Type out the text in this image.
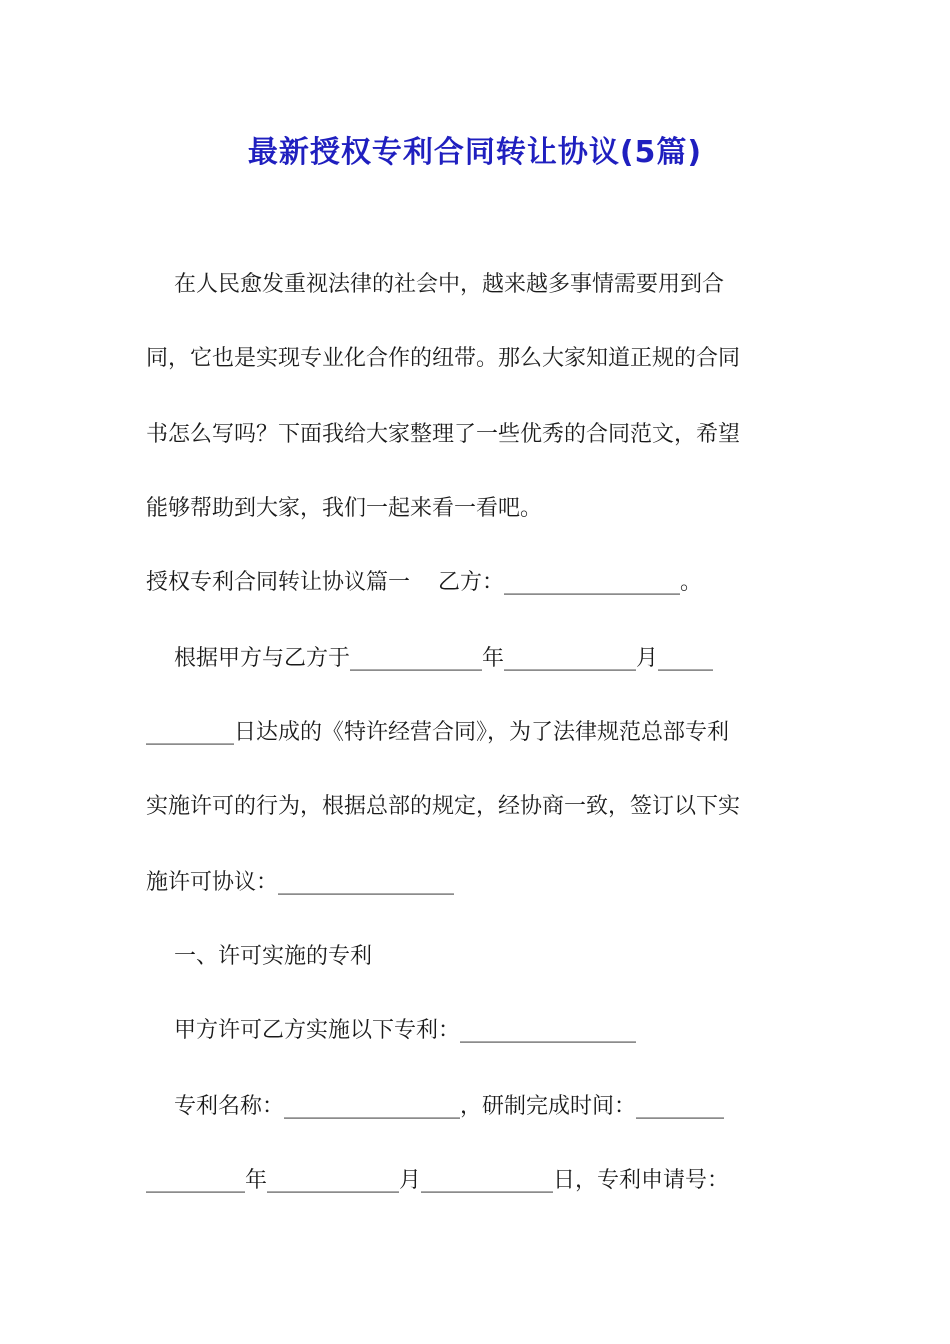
最新授权专利合同转让协议(5篇)
在人民愈发重视法律的社会中，越来越多事情需要用到合
同，它也是实现专业化合作的纽带。那么大家知道正规的合同
书怎么写吗？下面我给大家整理了一些优秀的合同范文，希望
能够帮助到大家，我们一起来看一看吧。
授权专利合同转让协议篇一    乙方：________________。
根据甲方与乙方于____________年____________月_____
________日达成的《特许经营合同》，为了法律规范总部专利
实施许可的行为，根据总部的规定，经协商一致，签订以下实
施许可协议：________________
一、许可实施的专利
甲方许可乙方实施以下专利：________________
专利名称：________________，研制完成时间：________
_________年____________月____________日，专利申请号：
